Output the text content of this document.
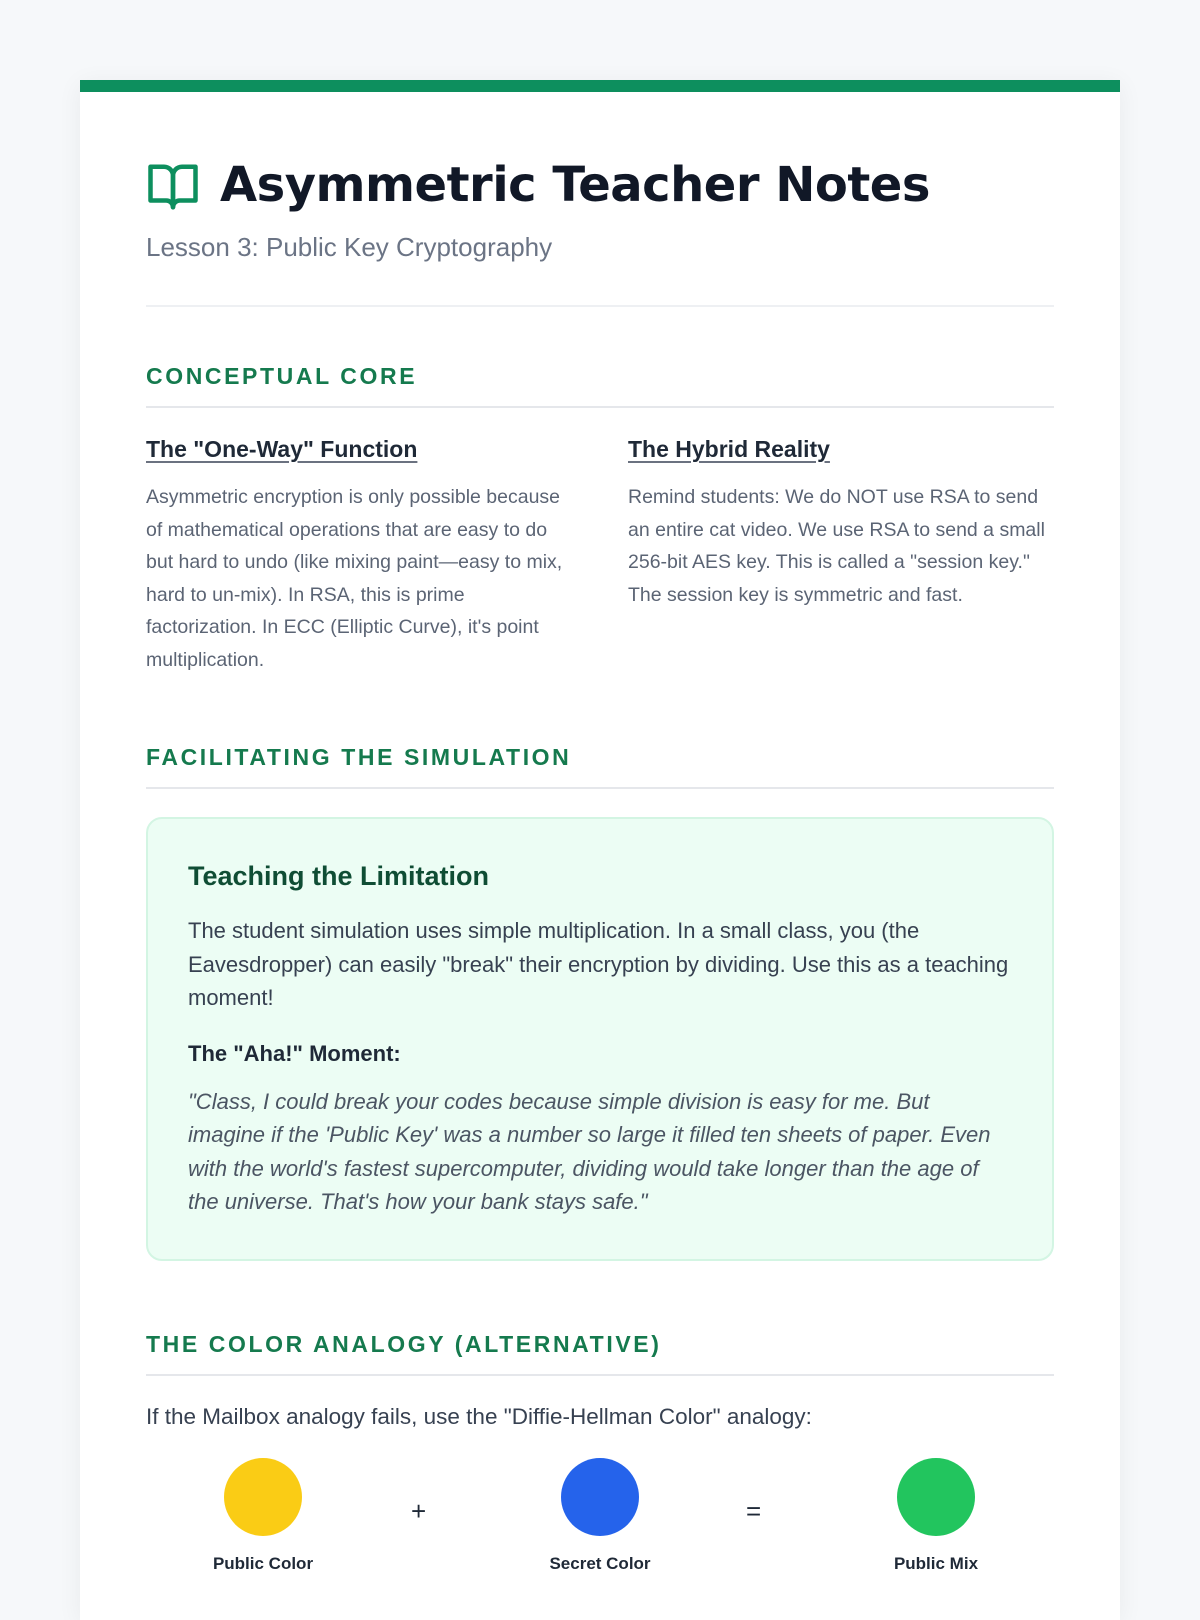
Asymmetric Teacher Notes
Lesson 3: Public Key Cryptography
CONCEPTUAL CORE
The "One-Way" Function

Asymmetric encryption is only possible because of mathematical operations that are easy to do but hard to undo (like mixing paint—easy to mix, hard to un-mix). In RSA, this is prime factorization. In ECC (Elliptic Curve), it's point multiplication.

The Hybrid Reality

Remind students: We do NOT use RSA to send an entire cat video. We use RSA to send a small 256-bit AES key. This is called a "session key." The session key is symmetric and fast.

FACILITATING THE SIMULATION
Teaching the Limitation

The student simulation uses simple multiplication. In a small class, you (the Eavesdropper) can easily "break" their encryption by dividing. Use this as a teaching moment!

The "Aha!" Moment:

"Class, I could break your codes because simple division is easy for me. But imagine if the 'Public Key' was a number so large it filled ten sheets of paper. Even with the world's fastest supercomputer, dividing would take longer than the age of the universe. That's how your bank stays safe."

THE COLOR ANALOGY (ALTERNATIVE)

If the Mailbox analogy fails, use the "Diffie-Hellman Color" analogy:

Public Color
+
Secret Color
=
Public Mix
